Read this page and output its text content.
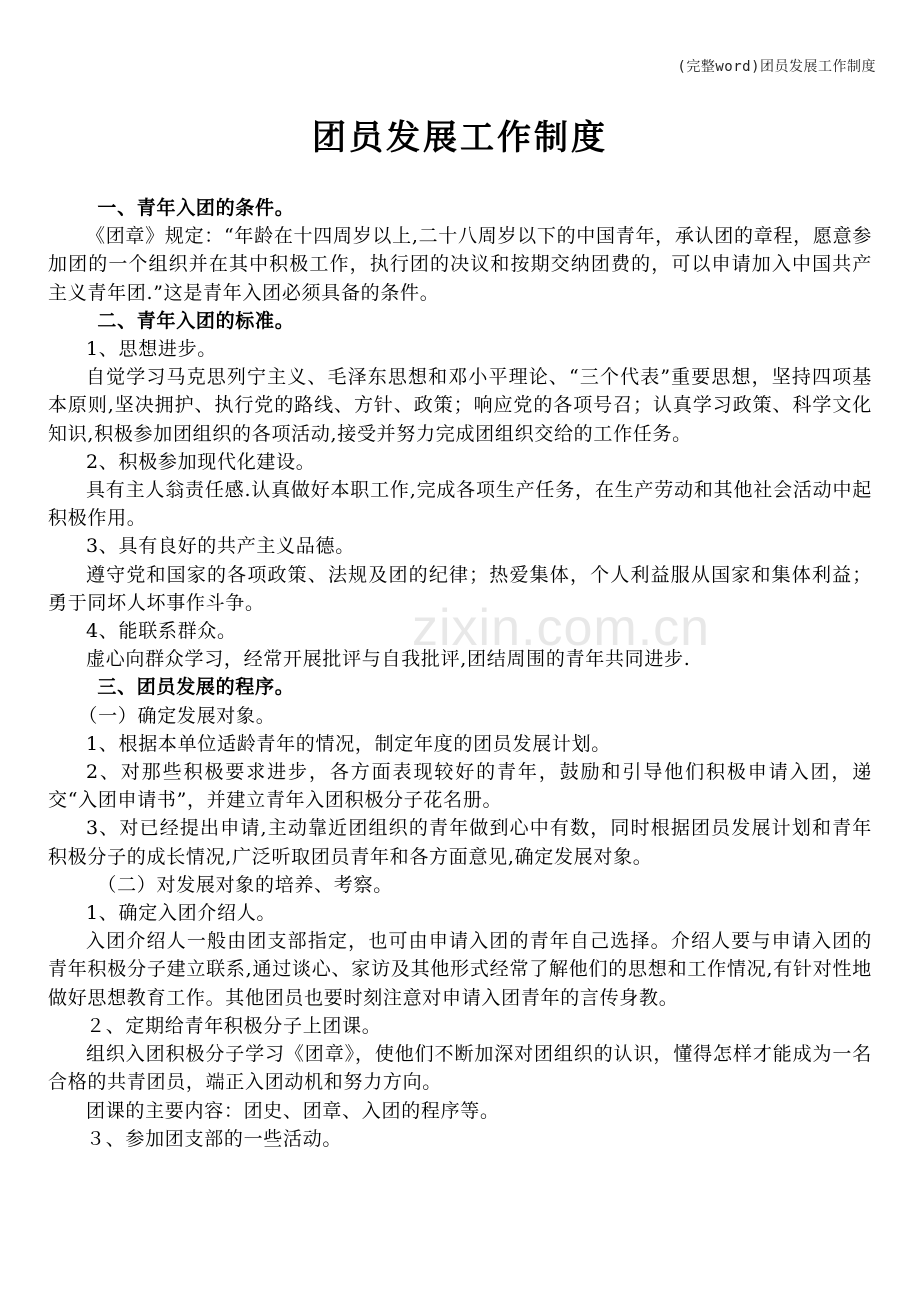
(完整word)团员发展工作制度
团员发展工作制度

一、青年入团的条件。

《团章》规定：“年龄在十四周岁以上,二十八周岁以下的中国青年，承认团的章程，愿意参加团的一个组织并在其中积极工作，执行团的决议和按期交纳团费的，可以申请加入中国共产主义青年团.”这是青年入团必须具备的条件。

二、青年入团的标准。

1、思想进步。

自觉学习马克思列宁主义、毛泽东思想和邓小平理论、“三个代表”重要思想，坚持四项基本原则,坚决拥护、执行党的路线、方针、政策；响应党的各项号召；认真学习政策、科学文化知识,积极参加团组织的各项活动,接受并努力完成团组织交给的工作任务。

2、积极参加现代化建设。

具有主人翁责任感.认真做好本职工作,完成各项生产任务，在生产劳动和其他社会活动中起积极作用。

3、具有良好的共产主义品德。

遵守党和国家的各项政策、法规及团的纪律；热爱集体，个人利益服从国家和集体利益；勇于同坏人坏事作斗争。

4、能联系群众。

虚心向群众学习，经常开展批评与自我批评,团结周围的青年共同进步.

三、团员发展的程序。

（一）确定发展对象。

1、根据本单位适龄青年的情况，制定年度的团员发展计划。

2、对那些积极要求进步，各方面表现较好的青年，鼓励和引导他们积极申请入团，递交“入团申请书”，并建立青年入团积极分子花名册。

3、对已经提出申请,主动靠近团组织的青年做到心中有数，同时根据团员发展计划和青年积极分子的成长情况,广泛听取团员青年和各方面意见,确定发展对象。

（二）对发展对象的培养、考察。

1、确定入团介绍人。

入团介绍人一般由团支部指定，也可由申请入团的青年自己选择。介绍人要与申请入团的青年积极分子建立联系,通过谈心、家访及其他形式经常了解他们的思想和工作情况,有针对性地做好思想教育工作。其他团员也要时刻注意对申请入团青年的言传身教。

２、定期给青年积极分子上团课。

组织入团积极分子学习《团章》，使他们不断加深对团组织的认识，懂得怎样才能成为一名合格的共青团员，端正入团动机和努力方向。

团课的主要内容：团史、团章、入团的程序等。

３、参加团支部的一些活动。

zixin.com.cn
